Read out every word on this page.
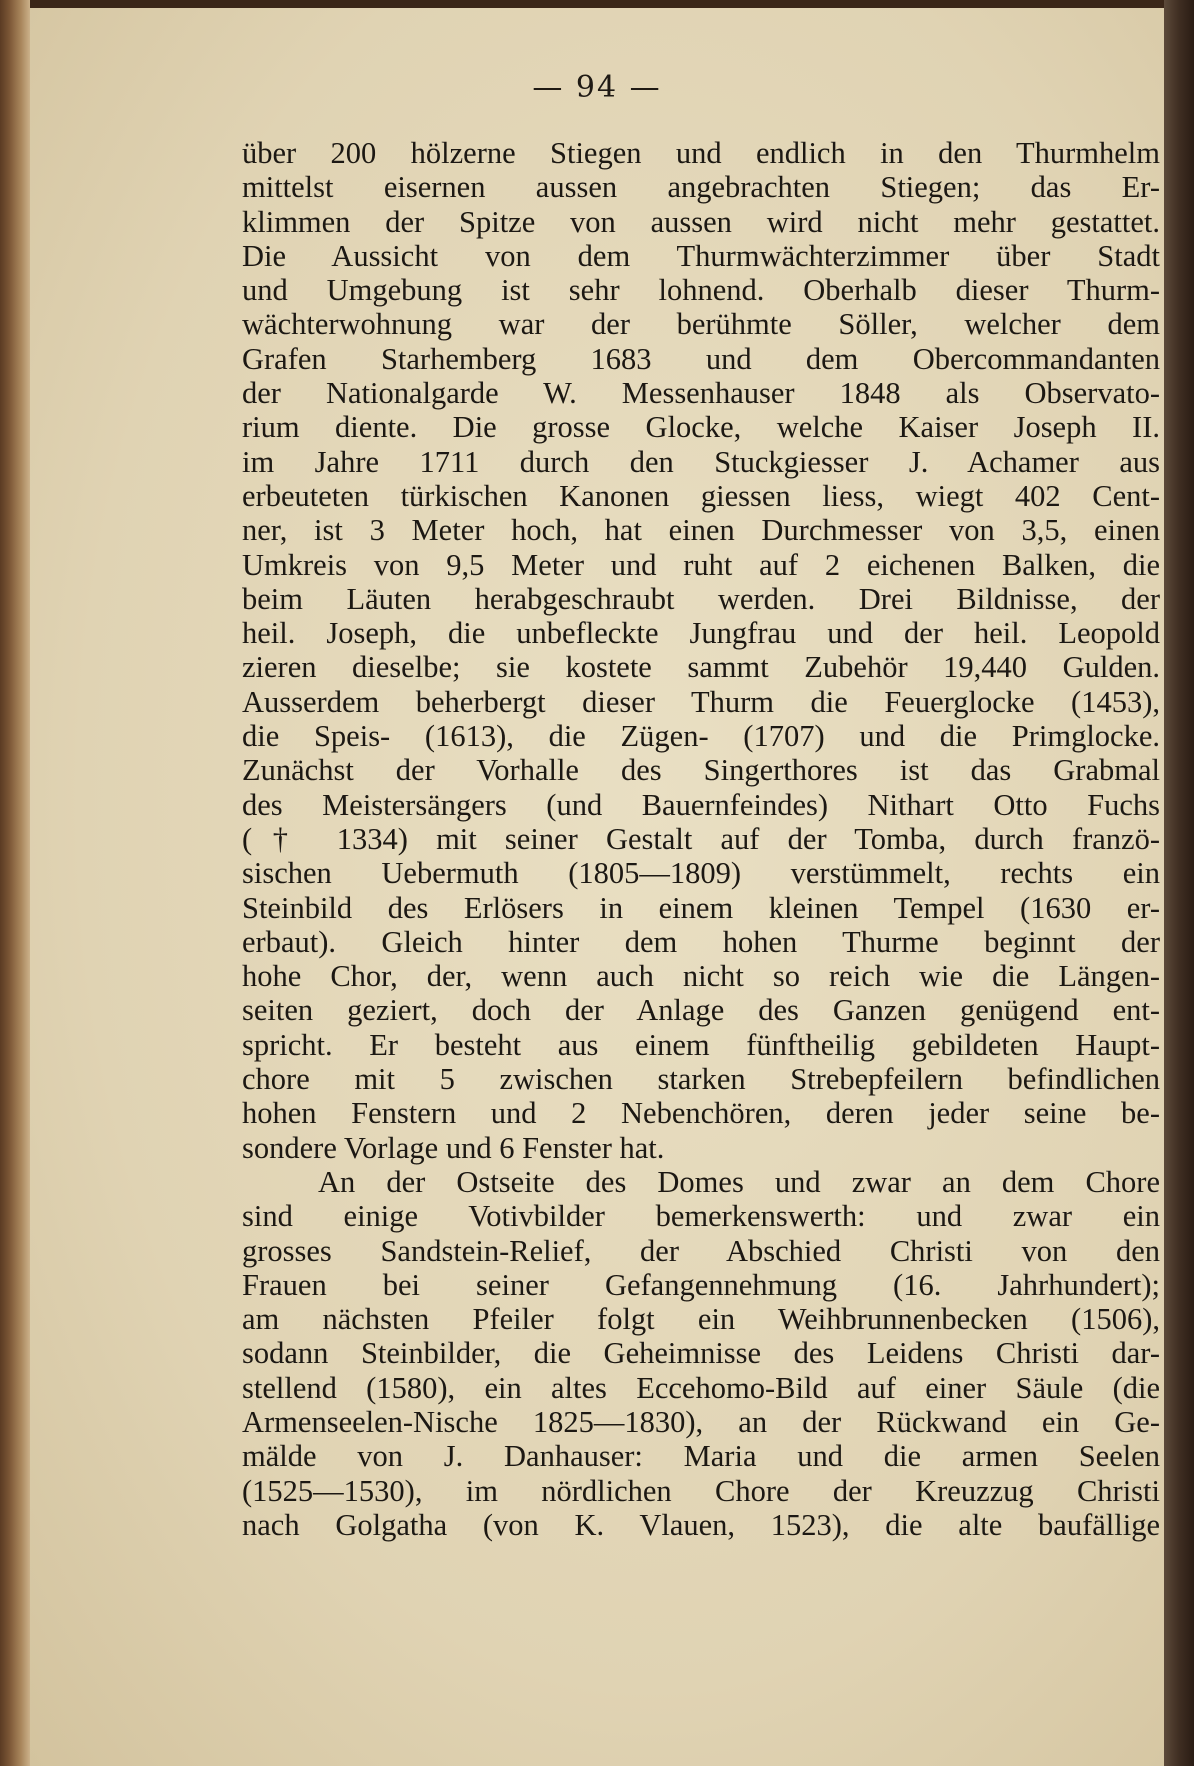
— 94 —
über 200 hölzerne Stiegen und endlich in den Thurmhelm
mittelst eisernen aussen angebrachten Stiegen; das Er-
klimmen der Spitze von aussen wird nicht mehr gestattet.
Die Aussicht von dem Thurmwächterzimmer über Stadt
und Umgebung ist sehr lohnend. Oberhalb dieser Thurm-
wächterwohnung war der berühmte Söller, welcher dem
Grafen Starhemberg 1683 und dem Obercommandanten
der Nationalgarde W. Messenhauser 1848 als Observato-
rium diente. Die grosse Glocke, welche Kaiser Joseph II.
im Jahre 1711 durch den Stuckgiesser J. Achamer aus
erbeuteten türkischen Kanonen giessen liess, wiegt 402 Cent-
ner, ist 3 Meter hoch, hat einen Durchmesser von 3,5, einen
Umkreis von 9,5 Meter und ruht auf 2 eichenen Balken, die
beim Läuten herabgeschraubt werden. Drei Bildnisse, der
heil. Joseph, die unbefleckte Jungfrau und der heil. Leopold
zieren dieselbe; sie kostete sammt Zubehör 19,440 Gulden.
Ausserdem beherbergt dieser Thurm die Feuerglocke (1453),
die Speis- (1613), die Zügen- (1707) und die Primglocke.
Zunächst der Vorhalle des Singerthores ist das Grabmal
des Meistersängers (und Bauernfeindes) Nithart Otto Fuchs
(† 1334) mit seiner Gestalt auf der Tomba, durch franzö-
sischen Uebermuth (1805—1809) verstümmelt, rechts ein
Steinbild des Erlösers in einem kleinen Tempel (1630 er-
erbaut). Gleich hinter dem hohen Thurme beginnt der
hohe Chor, der, wenn auch nicht so reich wie die Längen-
seiten geziert, doch der Anlage des Ganzen genügend ent-
spricht. Er besteht aus einem fünftheilig gebildeten Haupt-
chore mit 5 zwischen starken Strebepfeilern befindlichen
hohen Fenstern und 2 Nebenchören, deren jeder seine be-
sondere Vorlage und 6 Fenster hat.
An der Ostseite des Domes und zwar an dem Chore
sind einige Votivbilder bemerkenswerth: und zwar ein
grosses Sandstein-Relief, der Abschied Christi von den
Frauen bei seiner Gefangennehmung (16. Jahrhundert);
am nächsten Pfeiler folgt ein Weihbrunnenbecken (1506),
sodann Steinbilder, die Geheimnisse des Leidens Christi dar-
stellend (1580), ein altes Eccehomo-Bild auf einer Säule (die
Armenseelen-Nische 1825—1830), an der Rückwand ein Ge-
mälde von J. Danhauser: Maria und die armen Seelen
(1525—1530), im nördlichen Chore der Kreuzzug Christi
nach Golgatha (von K. Vlauen, 1523), die alte baufällige
